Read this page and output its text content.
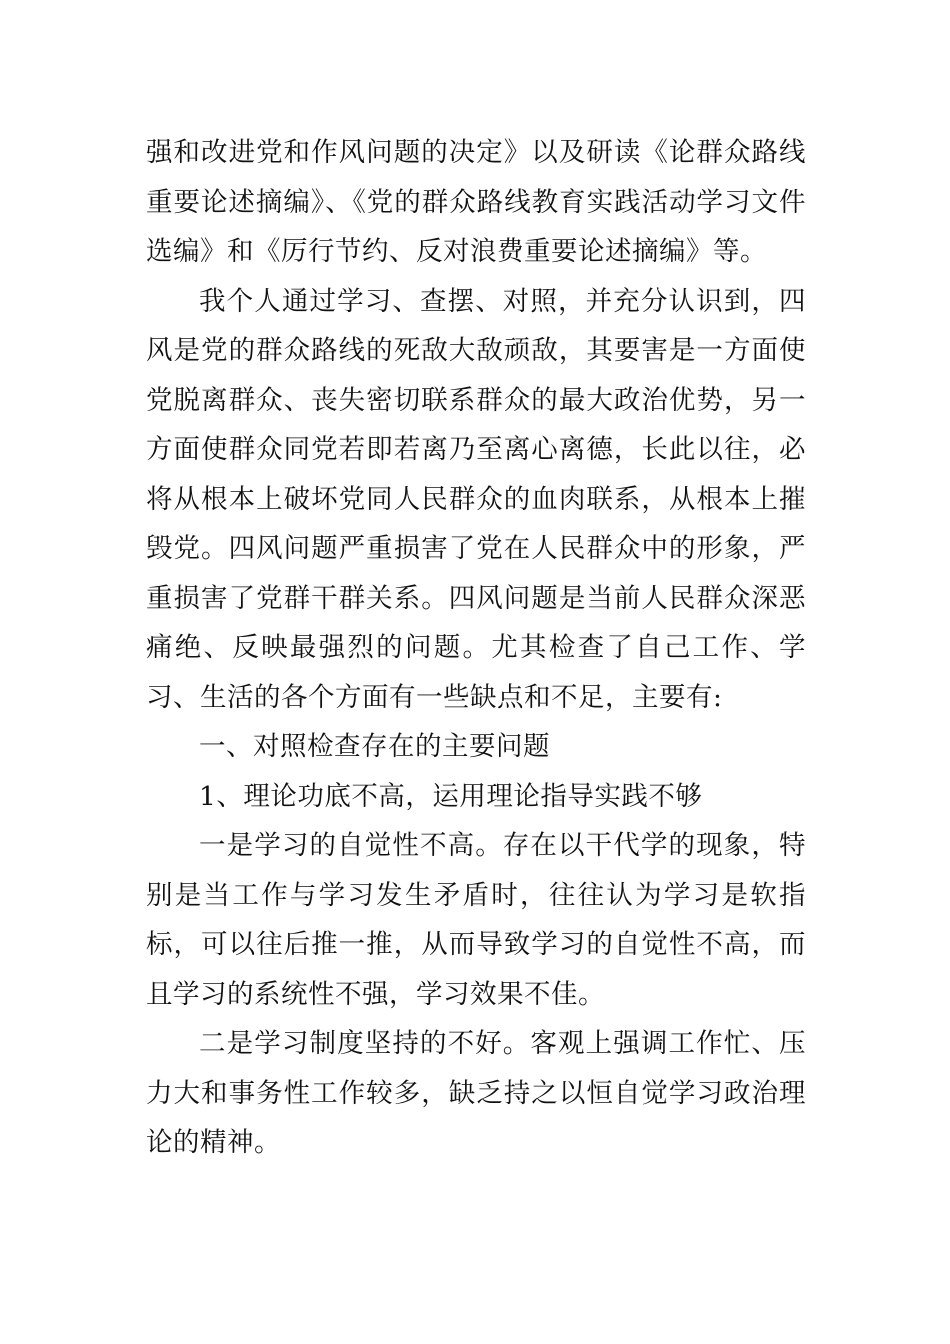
强和改进党和作风问题的决定》以及研读《论群众路线重要论述摘编》、《党的群众路线教育实践活动学习文件选编》和《厉行节约、反对浪费重要论述摘编》等。

我个人通过学习、查摆、对照，并充分认识到，四风是党的群众路线的死敌大敌顽敌，其要害是一方面使党脱离群众、丧失密切联系群众的最大政治优势，另一方面使群众同党若即若离乃至离心离德，长此以往，必将从根本上破坏党同人民群众的血肉联系，从根本上摧毁党。四风问题严重损害了党在人民群众中的形象，严重损害了党群干群关系。四风问题是当前人民群众深恶痛绝、反映最强烈的问题。尤其检查了自己工作、学习、生活的各个方面有一些缺点和不足，主要有:

一、对照检查存在的主要问题

1、理论功底不高，运用理论指导实践不够

一是学习的自觉性不高。存在以干代学的现象，特别是当工作与学习发生矛盾时，往往认为学习是软指标，可以往后推一推，从而导致学习的自觉性不高，而且学习的系统性不强，学习效果不佳。

二是学习制度坚持的不好。客观上强调工作忙、压力大和事务性工作较多，缺乏持之以恒自觉学习政治理论的精神。
